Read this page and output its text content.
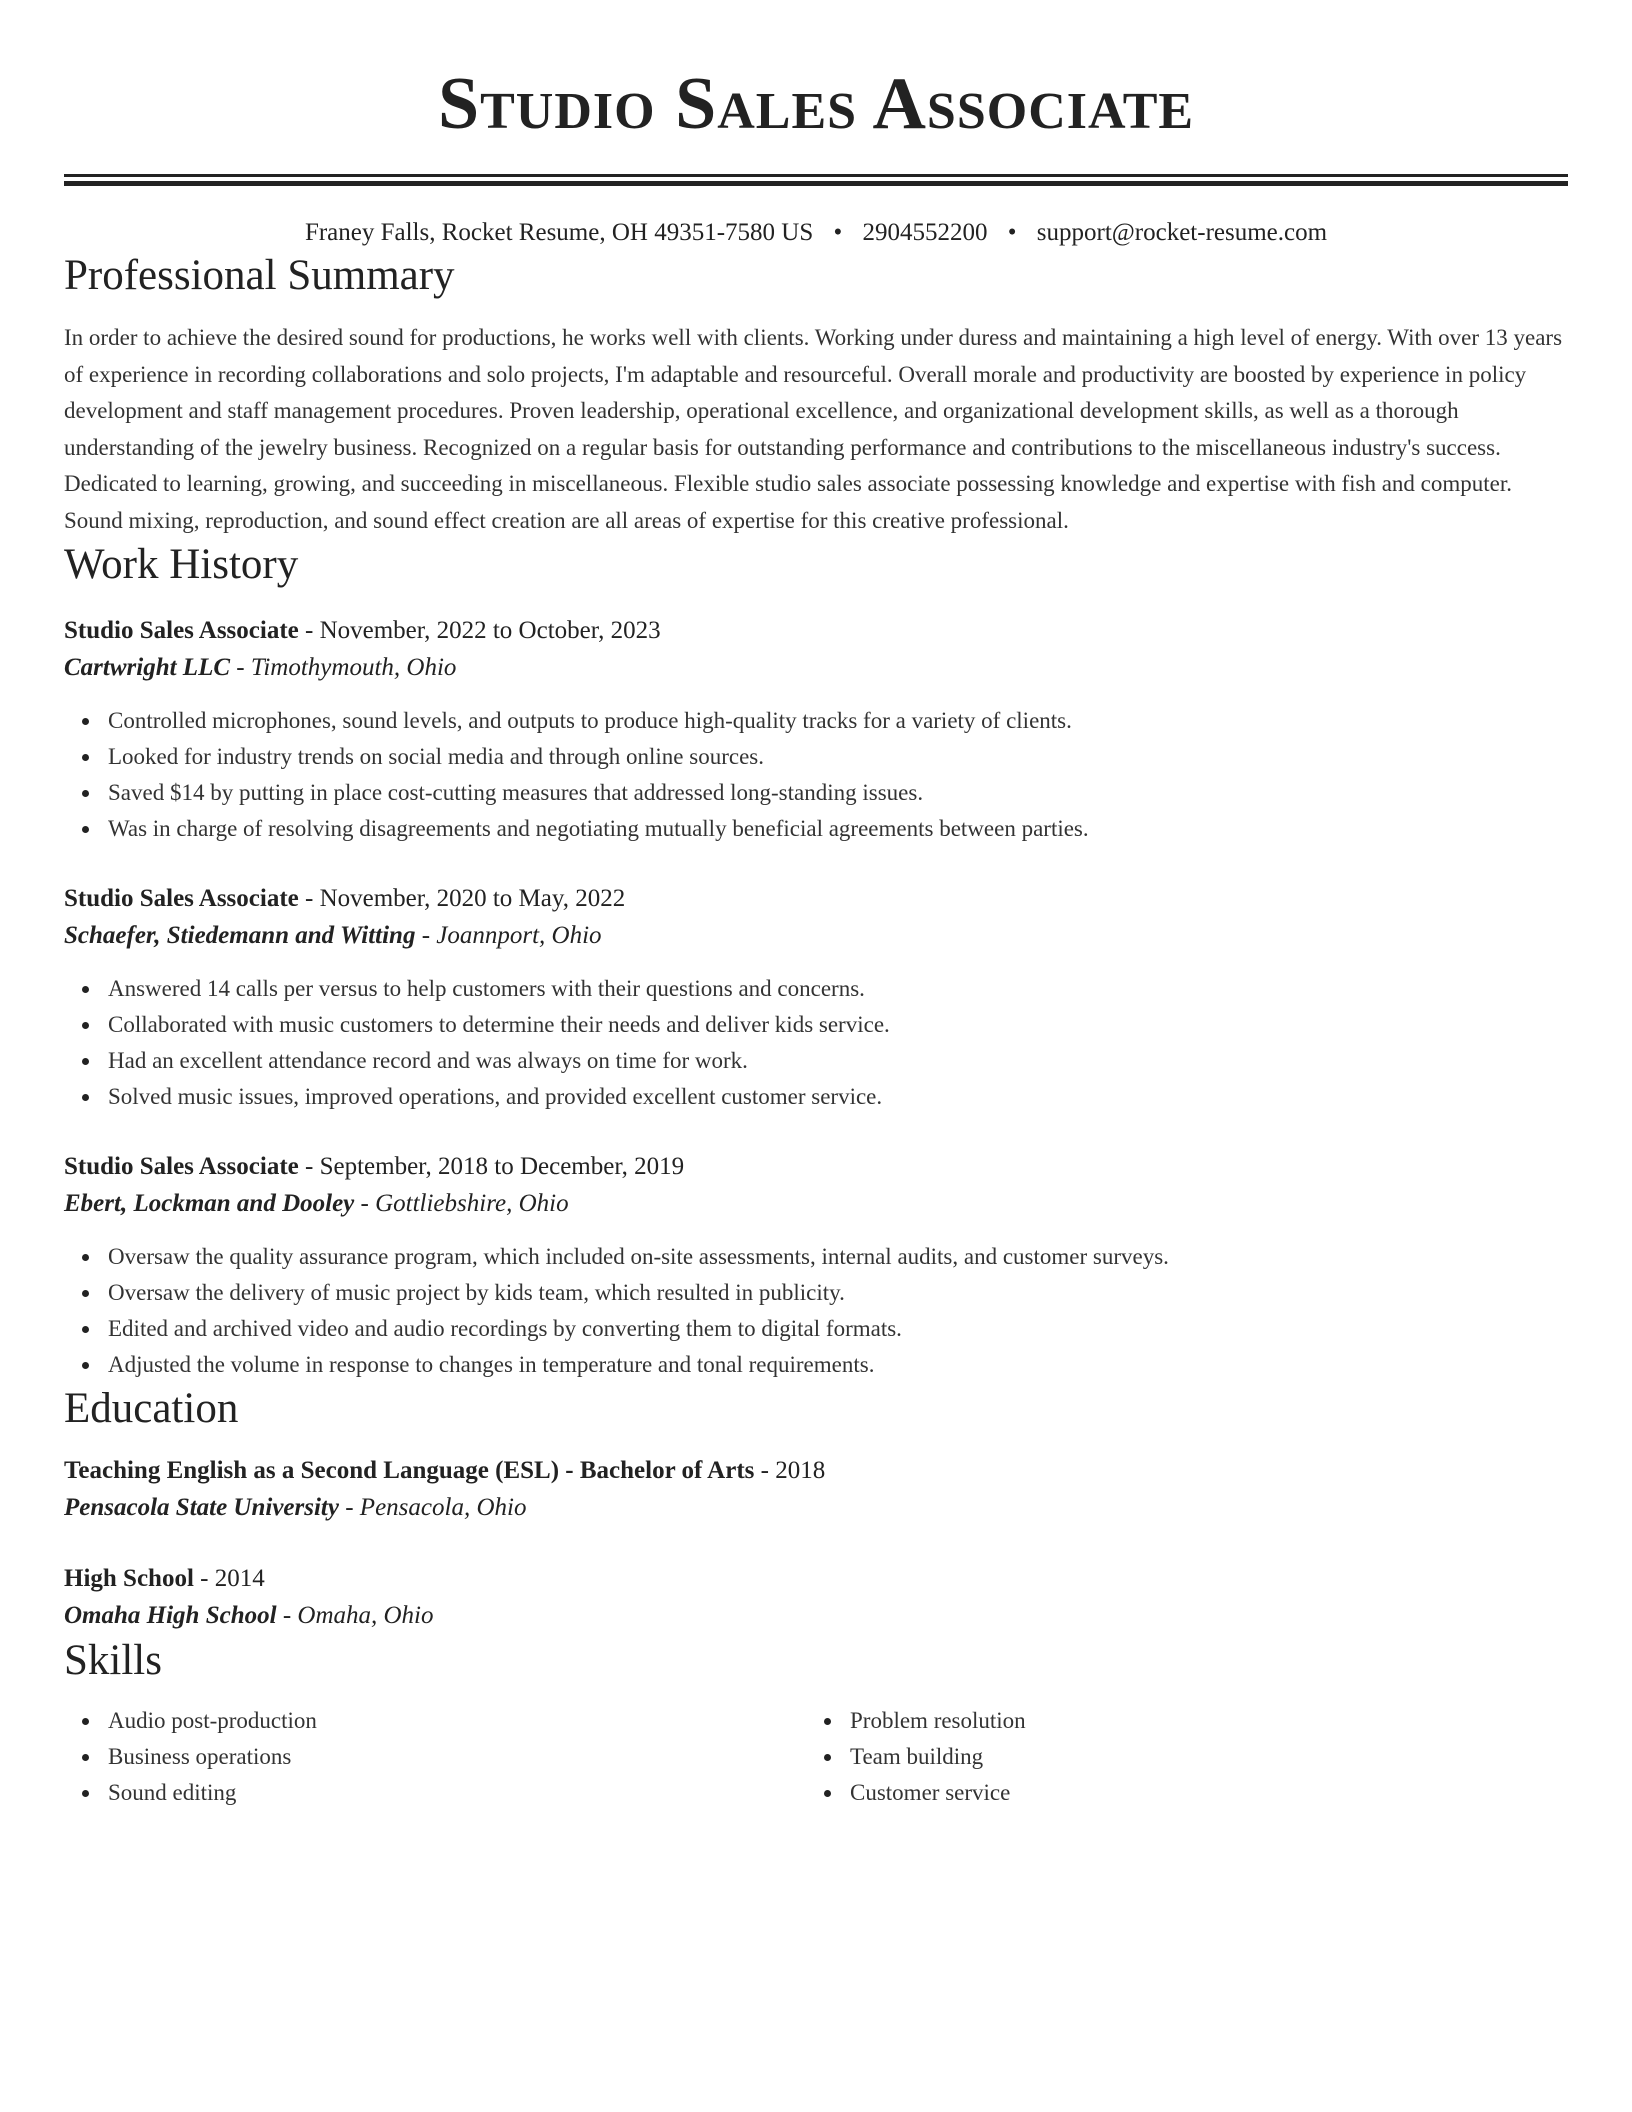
Studio Sales Associate
Franey Falls, Rocket Resume, OH 49351-7580 US • 2904552200 • support@rocket-resume.com
Professional Summary

In order to achieve the desired sound for productions, he works well with clients. Working under duress and maintaining a high level of energy. With over 13 years of experience in recording collaborations and solo projects, I'm adaptable and resourceful. Overall morale and productivity are boosted by experience in policy development and staff management procedures. Proven leadership, operational excellence, and organizational development skills, as well as a thorough understanding of the jewelry business. Recognized on a regular basis for outstanding performance and contributions to the miscellaneous industry's success. Dedicated to learning, growing, and succeeding in miscellaneous. Flexible studio sales associate possessing knowledge and expertise with fish and computer. Sound mixing, reproduction, and sound effect creation are all areas of expertise for this creative professional.

Work History
Studio Sales Associate - November, 2022 to October, 2023
Cartwright LLC - Timothymouth, Ohio
Controlled microphones, sound levels, and outputs to produce high-quality tracks for a variety of clients.
Looked for industry trends on social media and through online sources.
Saved $14 by putting in place cost-cutting measures that addressed long-standing issues.
Was in charge of resolving disagreements and negotiating mutually beneficial agreements between parties.
Studio Sales Associate - November, 2020 to May, 2022
Schaefer, Stiedemann and Witting - Joannport, Ohio
Answered 14 calls per versus to help customers with their questions and concerns.
Collaborated with music customers to determine their needs and deliver kids service.
Had an excellent attendance record and was always on time for work.
Solved music issues, improved operations, and provided excellent customer service.
Studio Sales Associate - September, 2018 to December, 2019
Ebert, Lockman and Dooley - Gottliebshire, Ohio
Oversaw the quality assurance program, which included on-site assessments, internal audits, and customer surveys.
Oversaw the delivery of music project by kids team, which resulted in publicity.
Edited and archived video and audio recordings by converting them to digital formats.
Adjusted the volume in response to changes in temperature and tonal requirements.
Education
Teaching English as a Second Language (ESL) - Bachelor of Arts - 2018
Pensacola State University - Pensacola, Ohio
High School - 2014
Omaha High School - Omaha, Ohio
Skills
Audio post-production
Business operations
Sound editing
Problem resolution
Team building
Customer service
